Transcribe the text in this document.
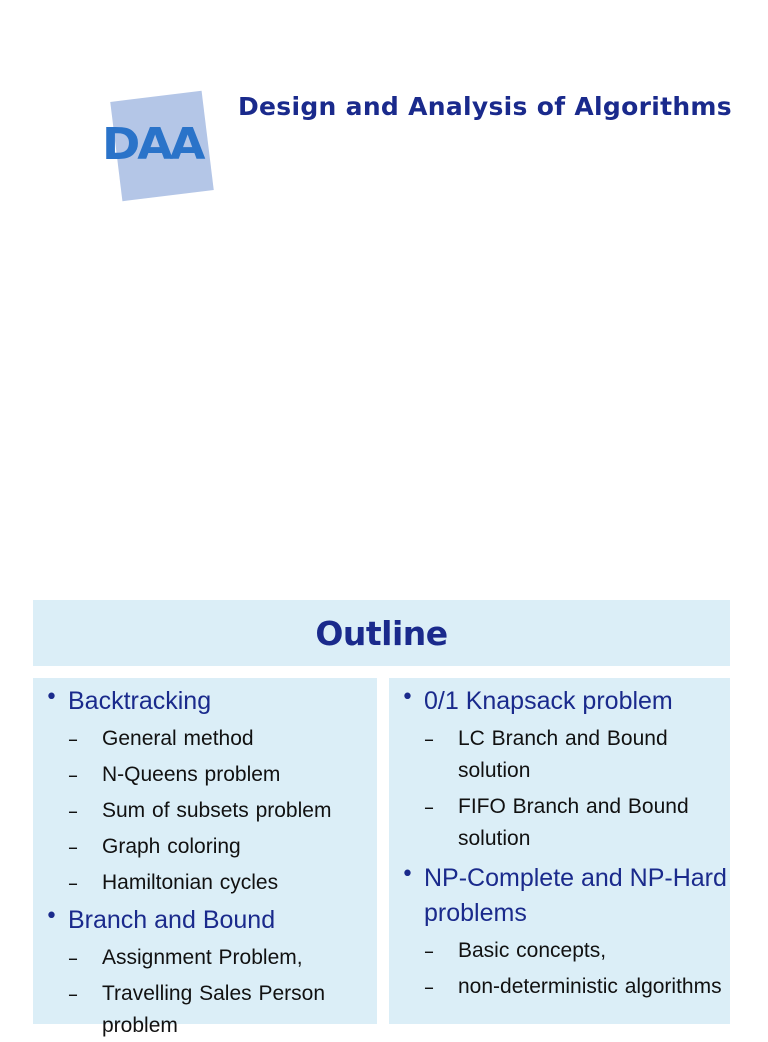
DAA
Design and Analysis of Algorithms
Outline
• Backtracking
– General method
– N-Queens problem
– Sum of subsets problem
– Graph coloring
– Hamiltonian cycles
• Branch and Bound
– Assignment Problem,
– Travelling Sales Person problem
• 0/1 Knapsack problem
– LC Branch and Bound solution
– FIFO Branch and Bound solution
• NP-Complete and NP-Hard problems
– Basic concepts,
– non-deterministic algorithms
